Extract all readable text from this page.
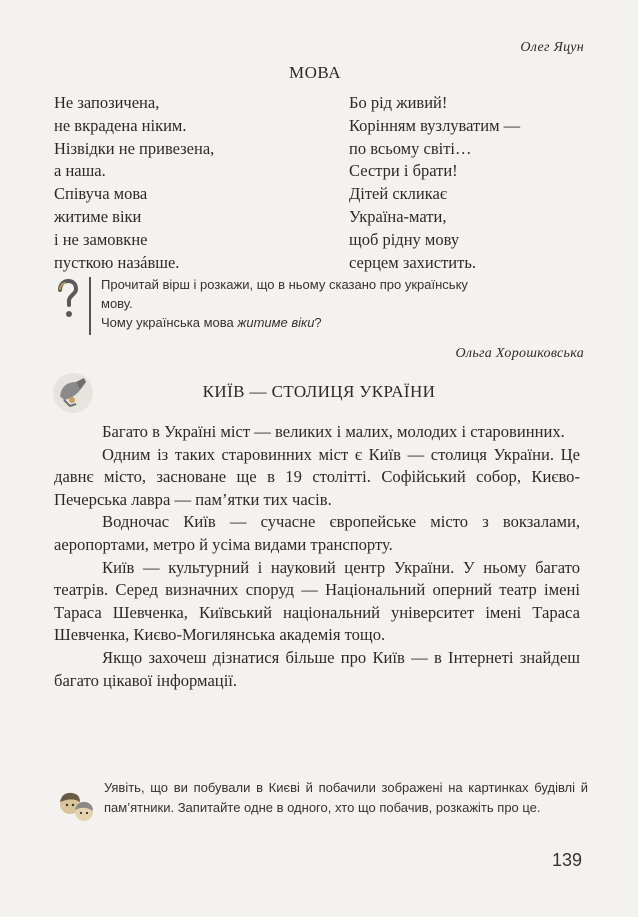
Олег Яцун
МОВА
Не запозичена,
не вкрадена ніким.
Нізвідки не привезена,
а наша.
Співуча мова
житиме віки
і не замовкне
пусткою назáвше.
Бо рід живий!
Корінням вузлуватим —
по всьому світі…
Сестри і брати!
Дітей скликає
Україна-мати,
щоб рідну мову
серцем захистить.
Прочитай вірш і розкажи, що в ньому сказано про українську
мову.
Чому українська мова житиме віки?
Ольга Хорошковська
КИЇВ — СТОЛИЦЯ УКРАЇНИ

Багато в Україні міст — великих і малих, молодих і старовинних.

Одним із таких старовинних міст є Київ — столиця України. Це давнє місто, засноване ще в 19 столітті. Софійський собор, Києво-Печерська лавра — пам’ятки тих часів.

Водночас Київ — сучасне європейське місто з вокзалами, аеропортами, метро й усіма видами транспорту.

Київ — культурний і науковий центр України. У ньому багато театрів. Серед визначних споруд — Національний оперний театр імені Тараса Шевченка, Київський національний університет імені Тараса Шевченка, Києво-Могилянська академія тощо.

Якщо захочеш дізнатися більше про Київ — в Інтернеті знайдеш багато цікавої інформації.

Уявіть, що ви побували в Києві й побачили зображені на картинках будівлі й пам’ятники. Запитайте одне в одного, хто що побачив, розкажіть про це.
139
